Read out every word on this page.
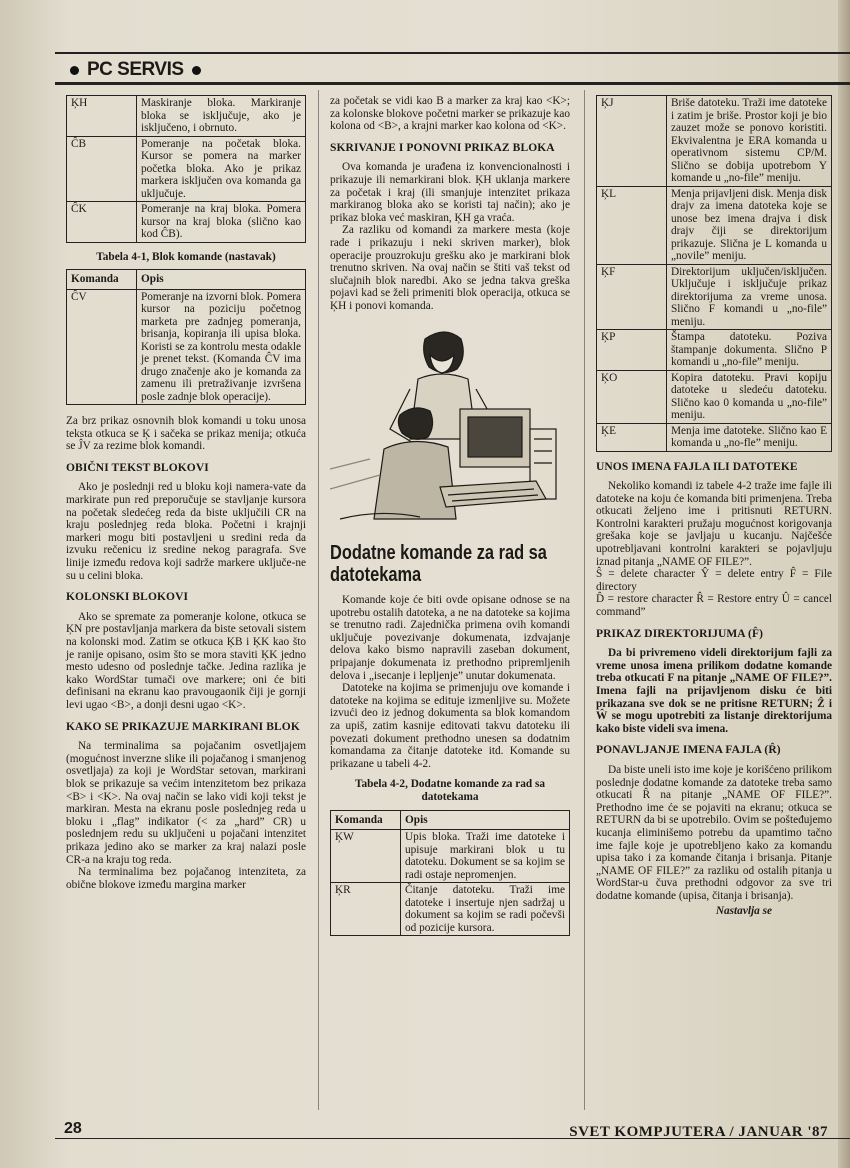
PC SERVIS
ĶH	Maskiranje bloka. Markiranje bloka se isključuje, ako je isključeno, i obrnuto.
ĈB	Pomeranje na početak bloka. Kursor se pomera na marker početka bloka. Ako je prikaz markera isključen ova komanda ga uključuje.
ĈK	Pomeranje na kraj bloka. Pomera kursor na kraj bloka (slično kao kod ĈB).
Tabela 4-1, Blok komande (nastavak)
Komanda	Opis
ĈV	Pomeranje na izvorni blok. Pomera kursor na poziciju početnog marketa pre zadnjeg pomeranja, brisanja, kopiranja ili upisa bloka. Koristi se za kontrolu mesta odakle je prenet tekst. (Komanda ĈV ima drugo značenje ako je komanda za zamenu ili pretraživanje izvršena posle zadnje blok operacije).

Za brz prikaz osnovnih blok komandi u toku unosa teksta otkuca se Ķ i sačeka se prikaz menija; otkuća se ĴV za rezime blok komandi.

OBIČNI TEKST BLOKOVI

Ako je poslednji red u bloku koji namera-vate da markirate pun red preporučuje se stavljanje kursora na početak sledećeg reda da biste uključili CR na kraju poslednjeg reda bloka. Početni i krajnji markeri mogu biti postavljeni u sredini reda da izvuku rečenicu iz sredine nekog paragrafa. Sve linije između redova koji sadrže markere uključe-ne su u celini bloka.

KOLONSKI BLOKOVI

Ako se spremate za pomeranje kolone, otkuca se ĶN pre postavljanja markera da biste setovali sistem na kolonski mod. Zatim se otkuca ĶB i ĶK kao što je ranije opisano, osim što se mora staviti ĶK jedno mesto udesno od poslednje tačke. Jedina razlika je kako WordStar tumači ove markere; oni će biti definisani na ekranu kao pravougaonik čiji je gornji levi ugao <B>, a donji desni ugao <K>.

KAKO SE PRIKAZUJE MARKIRANI BLOK

Na terminalima sa pojačanim osvetljajem (mogućnost inverzne slike ili pojačanog i smanjenog osvetljaja) za koji je WordStar setovan, markirani blok se prikazuje sa većim intenzitetom bez prikaza <B> i <K>. Na ovaj način se lako vidi koji tekst je markiran. Mesta na ekranu posle poslednjeg reda u bloku i „flag” indikator (< za „hard” CR) u poslednjem redu su uključeni u pojačani intenzitet prikaza jedino ako se marker za kraj nalazi posle CR-a na kraju tog reda.

Na terminalima bez pojačanog intenziteta, za obične blokove između margina marker

za početak se vidi kao B a marker za kraj kao <K>; za kolonske blokove početni marker se prikazuje kao kolona od <B>, a krajni marker kao kolona od <K>.

SKRIVANJE I PONOVNI PRIKAZ BLOKA

Ova komanda je urađena iz konvencionalnosti i prikazuje ili nemarkirani blok. ĶH uklanja markere za početak i kraj (ili smanjuje intenzitet prikaza markiranog bloka ako se koristi taj način); ako je prikaz bloka već maskiran, ĶH ga vraća.

Za razliku od komandi za markere mesta (koje rade i prikazuju i neki skriven marker), blok operacije prouzrokuju grešku ako je markirani blok trenutno skriven. Na ovaj način se štiti vaš tekst od slučajnih blok naredbi. Ako se jedna takva greška pojavi kad se želi primeniti blok operacija, otkuca se ĶH i ponovi komanda.

Dodatne komande za rad sa datotekama

Komande koje će biti ovde opisane odnose se na upotrebu ostalih datoteka, a ne na datoteke sa kojima se trenutno radi. Zajednička primena ovih komandi uključuje povezivanje dokumenata, izdvajanje delova kako bismo napravili zaseban dokument, pripajanje dokumenata iz prethodno pripremljenih delova i „isecanje i lepljenje” unutar dokumenata.

Datoteke na kojima se primenjuju ove komande i datoteke na kojima se edituje izmenljive su. Možete izvući deo iz jednog dokumenta sa blok komandom za upiš, zatim kasnije editovati takvu datoteku ili povezati dokument prethodno unesen sa dodatnim komandama za čitanje datoteke itd. Komande su prikazane u tabeli 4-2.

Tabela 4-2, Dodatne komande za rad sa datotekama
Komanda	Opis
ĶW	Upis bloka. Traži ime datoteke i upisuje markirani blok u tu datoteku. Dokument se sa kojim se radi ostaje nepromenjen.
ĶR	Čitanje datoteku. Traži ime datoteke i insertuje njen sadržaj u dokument sa kojim se radi počevši od pozicije kursora.
ĶJ	Briše datoteku. Traži ime datoteke i zatim je briše. Prostor koji je bio zauzet može se ponovo koristiti. Ekvivalentna je ERA komanda u operativnom sistemu CP/M. Slično se dobija upotrebom Y komande u „no-file” meniju.
ĶL	Menja prijavljeni disk. Menja disk drajv za imena datoteka koje se unose bez imena drajva i disk drajv čiji se direktorijum prikazuje. Slična je L komanda u „novile” meniju.
ĶF	Direktorijum uključen/isključen. Uključuje i isključuje prikaz direktorijuma za vreme unosa. Slično F komandi u „no-file” meniju.
ĶP	Štampa datoteku. Poziva štampanje dokumenta. Slično P komandi u „no-file” meniju.
ĶO	Kopira datoteku. Pravi kopiju datoteke u sledeću datoteku. Slično kao 0 komanda u „no-file” meniju.
ĶE	Menja ime datoteke. Slično kao E komanda u „no-fle” meniju.
UNOS IMENA FAJLA ILI DATOTEKE

Nekoliko komandi iz tabele 4-2 traže ime fajle ili datoteke na koju će komanda biti primenjena. Treba otkucati željeno ime i pritisnuti RETURN. Kontrolni karakteri pružaju mogućnost korigovanja grešaka koje se javljaju u kucanju. Najčešće upotrebljavani kontrolni karakteri se pojavljuju iznad pitanja „NAME OF FILE?”.

Ŝ = delete character Ŷ = delete entry F̂ = File directory

D̂ = restore character R̂ = Restore entry Û = cancel command”

PRIKAZ DIREKTORIJUMA (F̂)

Da bi privremeno videli direktorijum fajli za vreme unosa imena prilikom dodatne komande treba otkucati F na pitanje „NAME OF FILE?”. Imena fajli na prijavljenom disku će biti prikazana sve dok se ne pritisne RETURN; Ẑ i Ŵ se mogu upotrebiti za listanje direktorijuma kako biste videli sva imena.

PONAVLJANJE IMENA FAJLA (R̂)

Da biste uneli isto ime koje je korišćeno prilikom poslednje dodatne komande za datoteke treba samo otkucati R̂ na pitanje „NAME OF FILE?”. Prethodno ime će se pojaviti na ekranu; otkuca se RETURN da bi se upotrebilo. Ovim se pošteđujemo kucanja eliminišemo potrebu da upamtimo tačno ime fajle koje je upotrebljeno kako za komandu upisa tako i za komande čitanja i brisanja. Pitanje „NAME OF FILE?” za razliku od ostalih pitanja u WordStar-u čuva prethodni odgovor za sve tri dodatne komande (upisa, čitanja i brisanja).

Nastavlja se
28	SVET KOMPJUTERA / JANUAR '87
